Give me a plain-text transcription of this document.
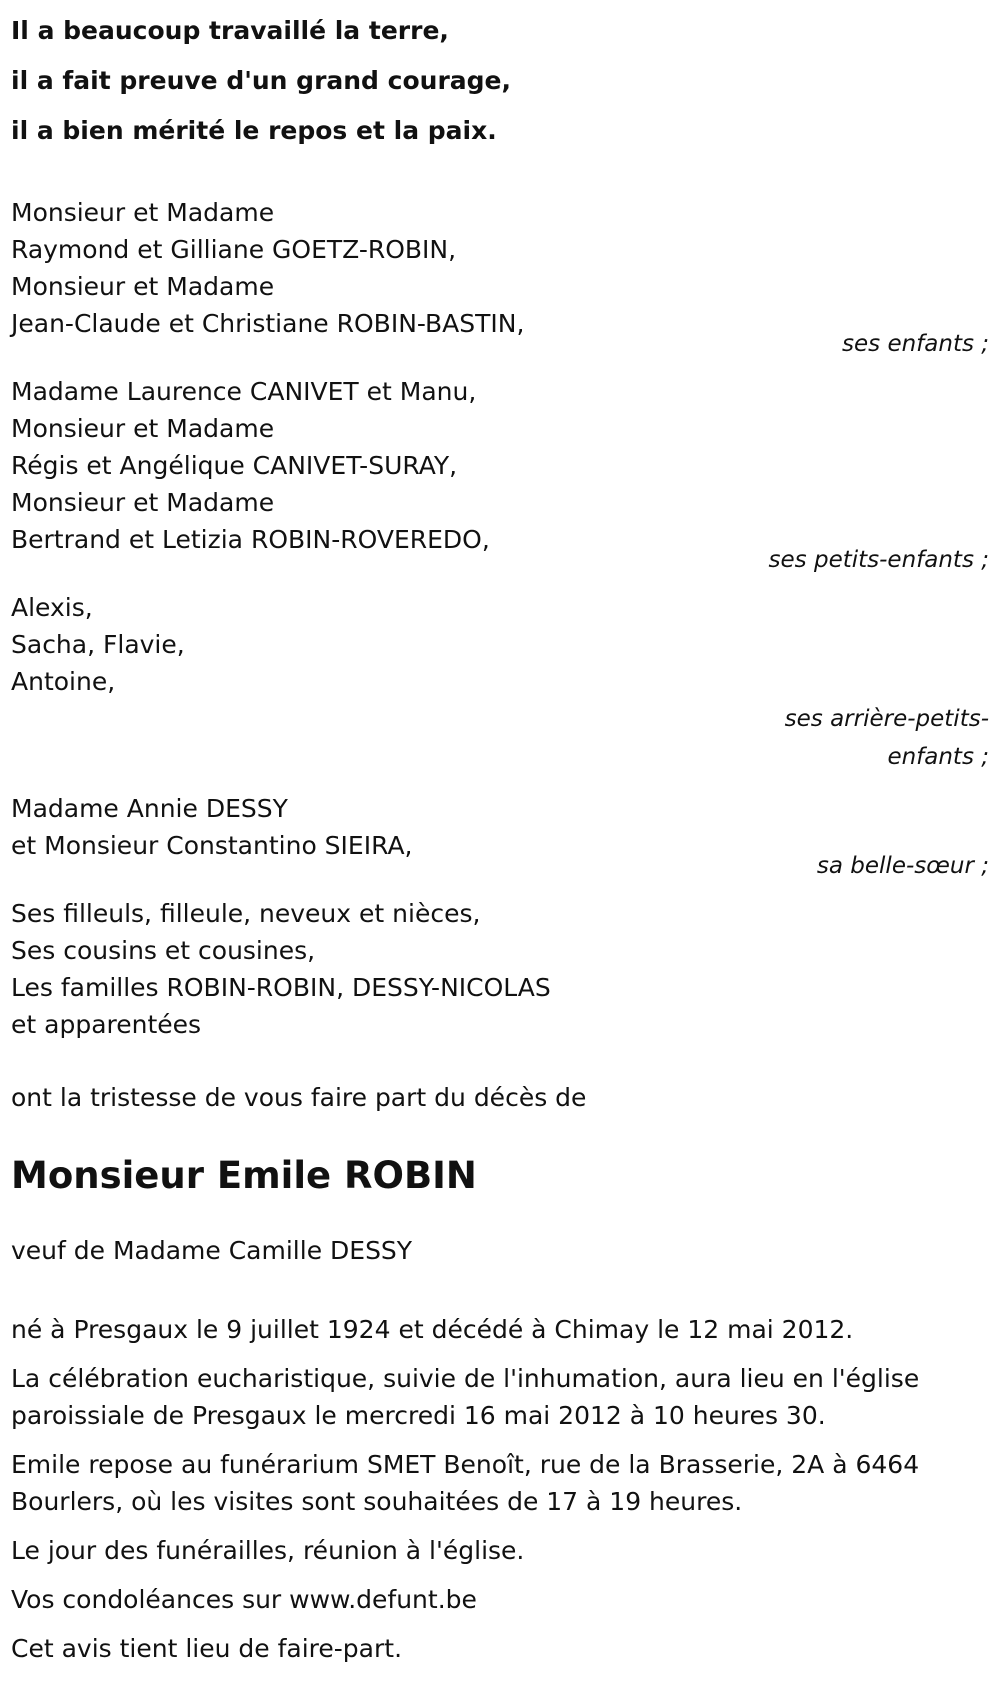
Il a beaucoup travaillé la terre,

il a fait preuve d'un grand courage,

il a bien mérité le repos et la paix.

Monsieur et Madame

Raymond et Gilliane GOETZ-ROBIN,

Monsieur et Madame

Jean-Claude et Christiane ROBIN-BASTIN,

ses enfants ;

Madame Laurence CANIVET et Manu,

Monsieur et Madame

Régis et Angélique CANIVET-SURAY,

Monsieur et Madame

Bertrand et Letizia ROBIN-ROVEREDO,

ses petits-enfants ;

Alexis,

Sacha, Flavie,

Antoine,

ses arrière-petits-
enfants ;

Madame Annie DESSY

et Monsieur Constantino SIEIRA,

sa belle-sœur ;

Ses filleuls, filleule, neveux et nièces,

Ses cousins et cousines,

Les familles ROBIN-ROBIN, DESSY-NICOLAS

et apparentées

ont la tristesse de vous faire part du décès de
Monsieur Emile ROBIN
veuf de Madame Camille DESSY

né à Presgaux le 9 juillet 1924 et décédé à Chimay le 12 mai 2012.

La célébration eucharistique, suivie de l'inhumation, aura lieu en l'église paroissiale de Presgaux le mercredi 16 mai 2012 à 10 heures 30.

Emile repose au funérarium SMET Benoît, rue de la Brasserie, 2A à 6464 Bourlers, où les visites sont souhaitées de 17 à 19 heures.

Le jour des funérailles, réunion à l'église.

Vos condoléances sur www.defunt.be

Cet avis tient lieu de faire-part.
